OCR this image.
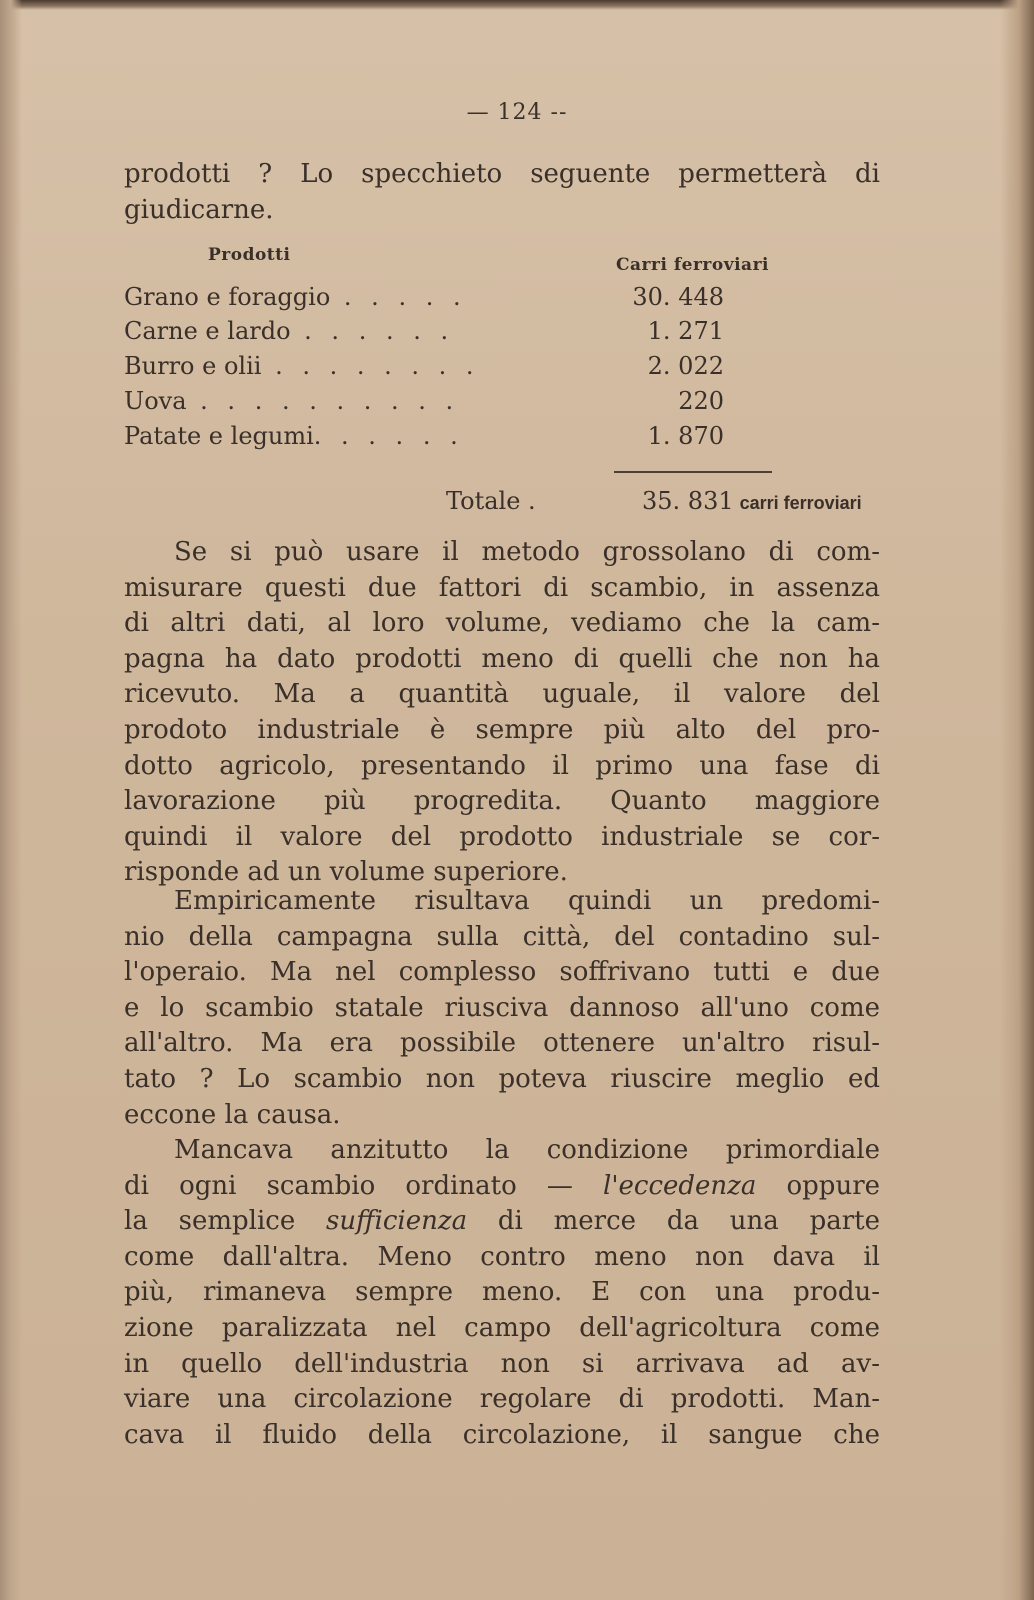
— 124 --
prodotti ? Lo specchieto seguente permetterà di
giudicarne.
Prodotti	Carri ferroviari
Grano e foraggio . . . . .	30. 448
Carne e lardo . . . . . .	1. 271
Burro e olii . . . . . . . .	2. 022
Uova . . . . . . . . . .	220
Patate e legumi. . . . . .	1. 870
Totale .	35. 831 carri ferroviari
Se si può usare il metodo grossolano di com-
misurare questi due fattori di scambio, in assenza
di altri dati, al loro volume, vediamo che la cam-
pagna ha dato prodotti meno di quelli che non ha
ricevuto. Ma a quantità uguale, il valore del
prodoto industriale è sempre più alto del pro-
dotto agricolo, presentando il primo una fase di
lavorazione più progredita. Quanto maggiore
quindi il valore del prodotto industriale se cor-
risponde ad un volume superiore.
Empiricamente risultava quindi un predomi-
nio della campagna sulla città, del contadino sul-
l'operaio. Ma nel complesso soffrivano tutti e due
e lo scambio statale riusciva dannoso all'uno come
all'altro. Ma era possibile ottenere un'altro risul-
tato ? Lo scambio non poteva riuscire meglio ed
eccone la causa.
Mancava anzitutto la condizione primordiale
di ogni scambio ordinato — l'eccedenza oppure
la semplice sufficienza di merce da una parte
come dall'altra. Meno contro meno non dava il
più, rimaneva sempre meno. E con una produ-
zione paralizzata nel campo dell'agricoltura come
in quello dell'industria non si arrivava ad av-
viare una circolazione regolare di prodotti. Man-
cava il fluido della circolazione, il sangue che
